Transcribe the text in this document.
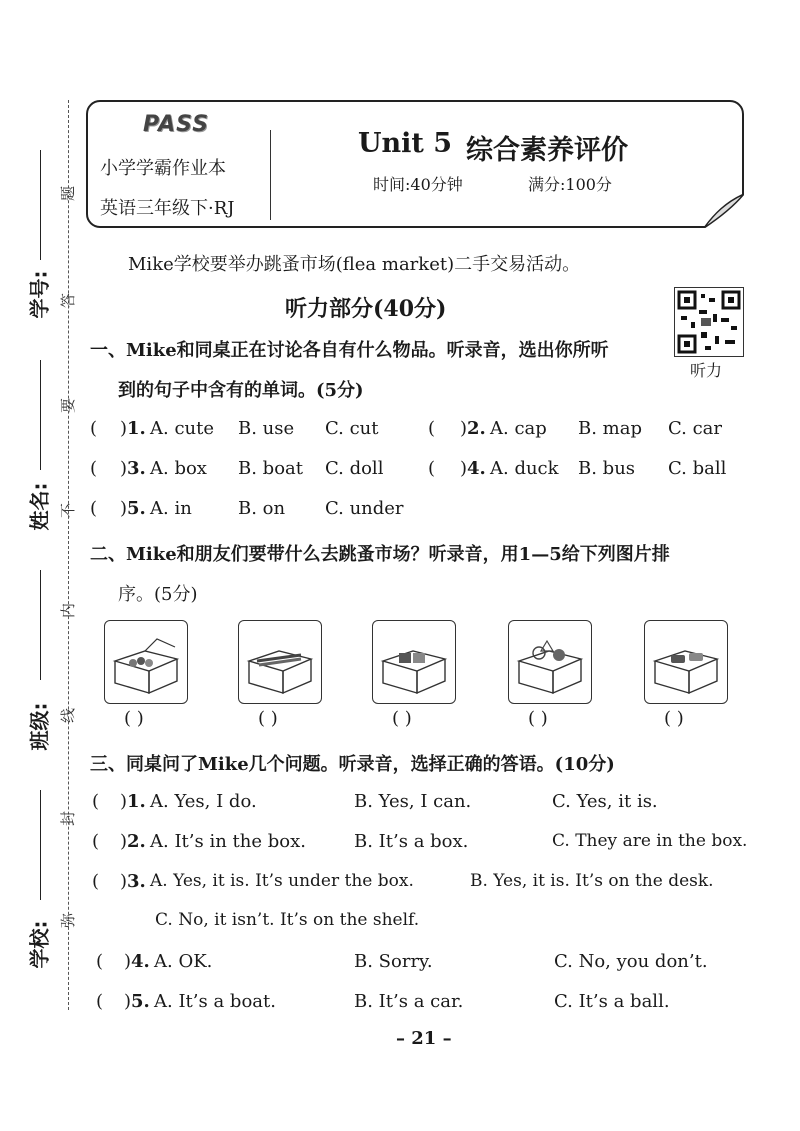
学号:
姓名:
班级:
学校:
题
答
要
不
内
线
封
弥
PASS
小学学霸作业本
英语三年级下·RJ
Unit 5 综合素养评价
时间:40分钟	满分:100分
Mike学校要举办跳蚤市场(flea market)二手交易活动。
听力部分(40分)
听力
一、Mike和同桌正在讨论各自有什么物品。听录音，选出你所听
到的句子中含有的单词。(5分)
( )1. A. cute B. use C. cut	( )2. A. cap B. map C. car
( )3. A. box B. boat C. doll ( )4. A. duck B. bus C. ball
( )5. A. in	B. on C. under
二、Mike和朋友们要带什么去跳蚤市场？听录音，用1—5给下列图片排
序。(5分)
( )	( )	( )	( )	( )
三、同桌问了Mike几个问题。听录音，选择正确的答语。(10分)
( )1. A. Yes, I do.	B. Yes, I can.	C. Yes, it is.
( )2. A. It’s in the box.	B. It’s a box.	C. They are in the box.
( )3. A. Yes, it is. It’s under the box.	B. Yes, it is. It’s on the desk.
C. No, it isn’t. It’s on the shelf.
( )4. A. OK.	B. Sorry.	C. No, you don’t.
( )5. A. It’s a boat.	B. It’s a car.	C. It’s a ball.
– 21 –
